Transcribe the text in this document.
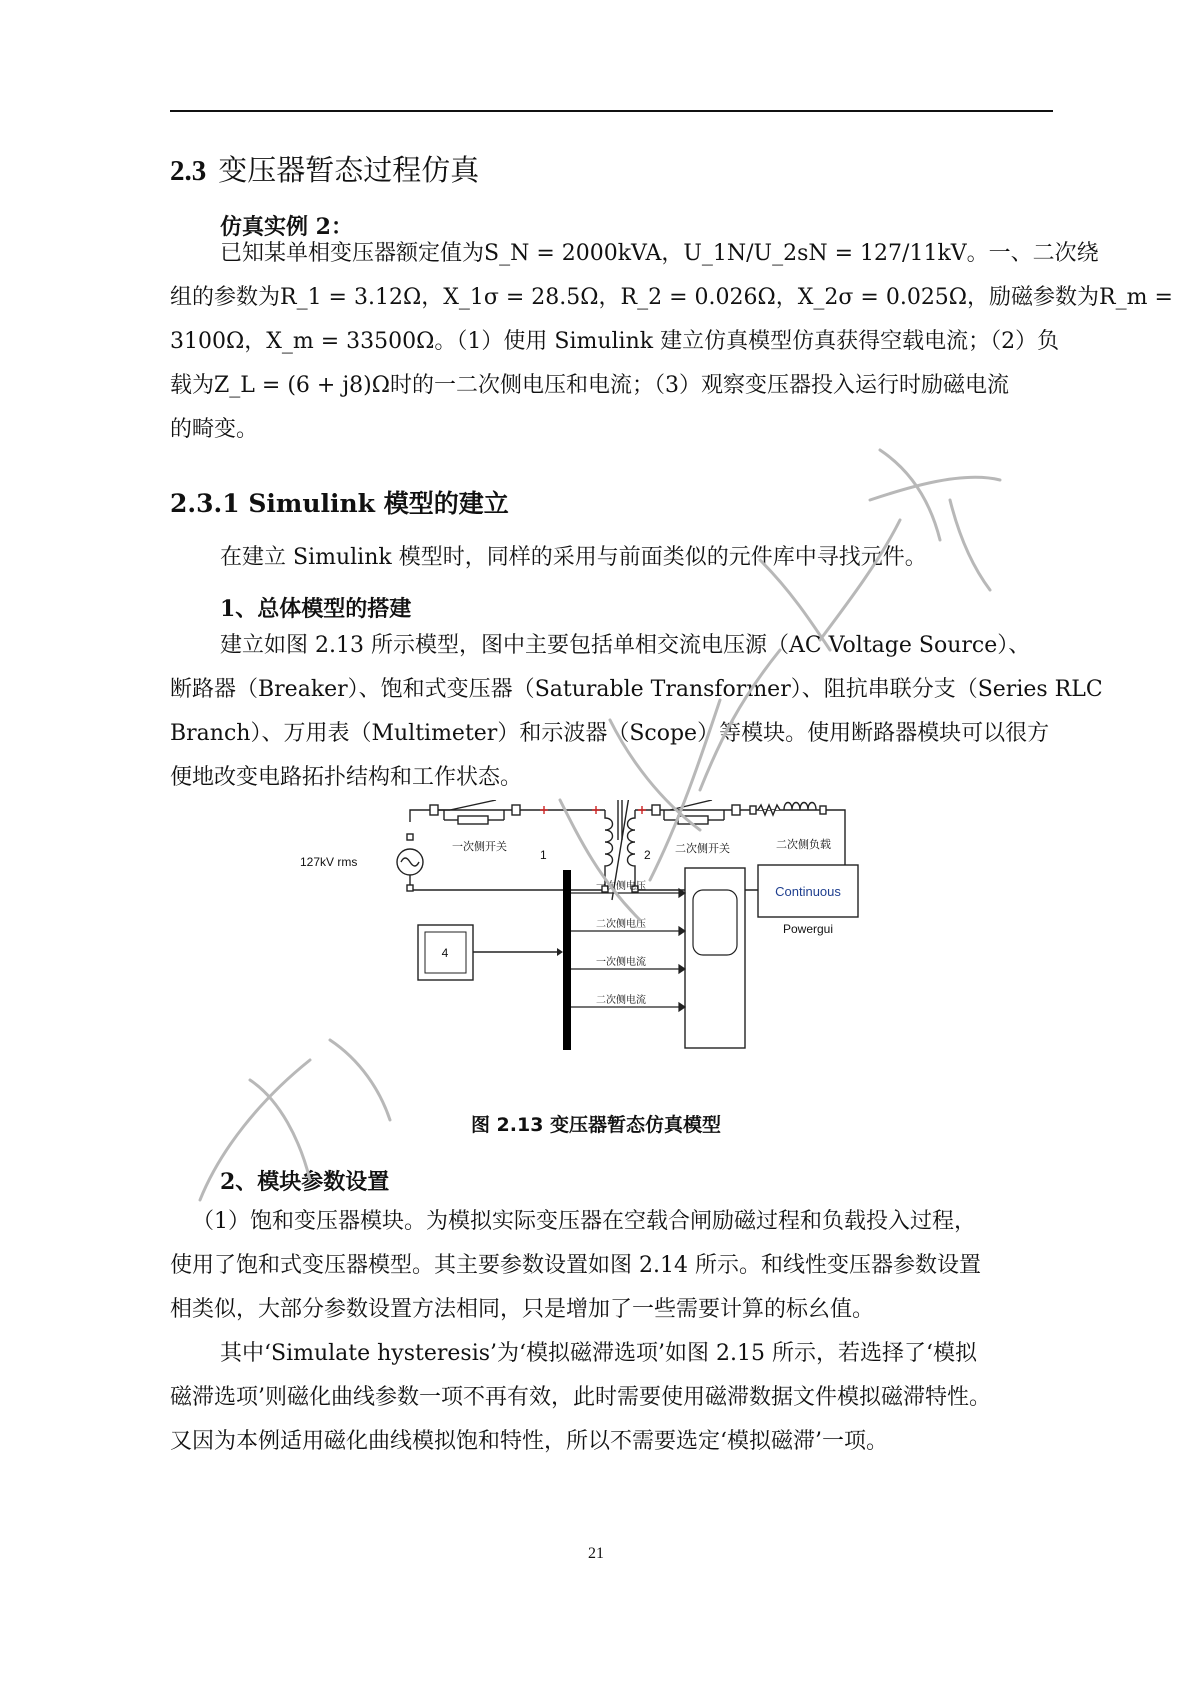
2.3 变压器暂态过程仿真
仿真实例 2：

已知某单相变压器额定值为S_N = 2000kVA，U_1N/U_2sN = 127/11kV。一、二次绕
组的参数为R_1 = 3.12Ω，X_1σ = 28.5Ω，R_2 = 0.026Ω，X_2σ = 0.025Ω，励磁参数为R_m =
3100Ω，X_m = 33500Ω。（1）使用 Simulink 建立仿真模型仿真获得空载电流；（2）负
载为Z_L = (6 + j8)Ω时的一二次侧电压和电流；（3）观察变压器投入运行时励磁电流
的畸变。

2.3.1 Simulink 模型的建立

在建立 Simulink 模型时，同样的采用与前面类似的元件库中寻找元件。

1、总体模型的搭建

建立如图 2.13 所示模型，图中主要包括单相交流电压源（AC Voltage Source）、
断路器（Breaker）、饱和式变压器（Saturable Transformer）、阻抗串联分支（Series RLC
Branch）、万用表（Multimeter）和示波器（Scope）等模块。使用断路器模块可以很方
便地改变电路拓扑结构和工作状态。

127kV rms
一次侧开关
1	2 二次侧开关	二次侧负载
4
一次侧电压
二次侧电压
一次侧电流
二次侧电流
Continuous
Powergui
图 2.13 变压器暂态仿真模型
2、模块参数设置

（1）饱和变压器模块。为模拟实际变压器在空载合闸励磁过程和负载投入过程，
使用了饱和式变压器模型。其主要参数设置如图 2.14 所示。和线性变压器参数设置
相类似，大部分参数设置方法相同，只是增加了一些需要计算的标幺值。

其中‘Simulate hysteresis’为‘模拟磁滞选项’如图 2.15 所示，若选择了‘模拟
磁滞选项’则磁化曲线参数一项不再有效，此时需要使用磁滞数据文件模拟磁滞特性。
又因为本例适用磁化曲线模拟饱和特性，所以不需要选定‘模拟磁滞’一项。

21
